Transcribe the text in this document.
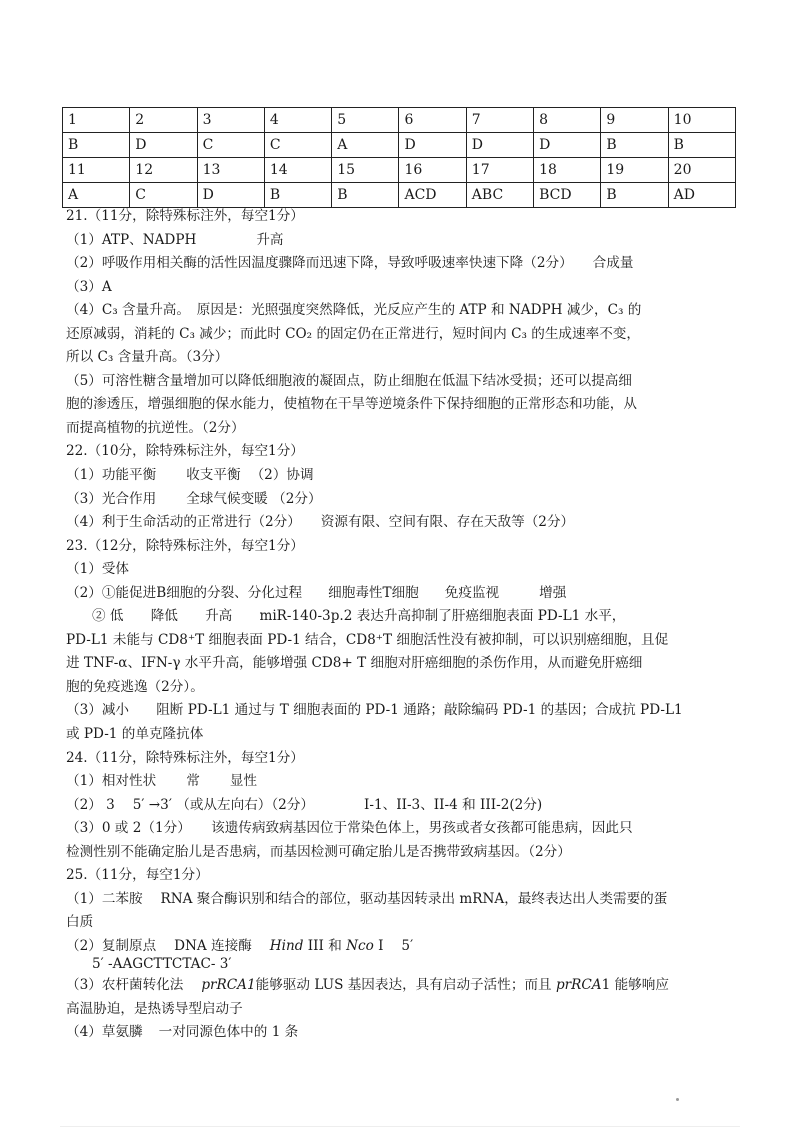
1	2	3	4	5	6	7	8	9	10
B	D	C	C	A	D	D	D	B	B
11	12	13	14	15	16	17	18	19	20
A	C	D	B	B	ACD	ABC	BCD	B	AD
21.（11分，除特殊标注外，每空1分）
（1）ATP、NADPH	升高
（2）呼吸作用相关酶的活性因温度骤降而迅速下降，导致呼吸速率快速下降（2分） 合成量
（3）A
（4）C₃ 含量升高。　原因是：光照强度突然降低，光反应产生的 ATP 和 NADPH 减少，C₃ 的
还原减弱，消耗的 C₃ 减少；而此时 CO₂ 的固定仍在正常进行，短时间内 C₃ 的生成速率不变，
所以 C₃ 含量升高。（3分）
（5）可溶性糖含量增加可以降低细胞液的凝固点，防止细胞在低温下结冰受损；还可以提高细
胞的渗透压，增强细胞的保水能力，使植物在干旱等逆境条件下保持细胞的正常形态和功能，从
而提高植物的抗逆性。（2分）
22.（10分，除特殊标注外，每空1分）
（1）功能平衡 收支平衡 （2）协调
（3）光合作用 全球气候变暖 （2分）
（4）利于生命活动的正常进行（2分） 资源有限、空间有限、存在天敌等（2分）
23.（12分，除特殊标注外，每空1分）
（1）受体
（2）①能促进B细胞的分裂、分化过程 细胞毒性T细胞 免疫监视	增强
② 低　　降低　　升高　　miR-140-3p.2 表达升高抑制了肝癌细胞表面 PD-L1 水平，
PD-L1 未能与 CD8⁺T 细胞表面 PD-1 结合，CD8⁺T 细胞活性没有被抑制，可以识别癌细胞，且促
进 TNF-α、IFN-γ 水平升高，能够增强 CD8+ T 细胞对肝癌细胞的杀伤作用，从而避免肝癌细
胞的免疫逃逸（2分）。
（3）减小　　阻断 PD-L1 通过与 T 细胞表面的 PD-1 通路；敲除编码 PD-1 的基因；合成抗 PD-L1
或 PD-1 的单克隆抗体
24.（11分，除特殊标注外，每空1分）
（1）相对性状 常 显性
（2） 3　 5′ →3′ （或从左向右）（2分）	Ⅰ-1、II-3、II-4 和 III-2(2分)
（3）0 或 2（1分）　　该遗传病致病基因位于常染色体上，男孩或者女孩都可能患病，因此只
检测性别不能确定胎儿是否患病，而基因检测可确定胎儿是否携带致病基因。（2分）
25.（11分，每空1分）
（1）二苯胺　 RNA 聚合酶识别和结合的部位，驱动基因转录出 mRNA，最终表达出人类需要的蛋
白质
（2）复制原点　 DNA 连接酶　 Hind III 和 Nco I　 5′
5′ -AAGCTTCTAC- 3′
（3）农杆菌转化法　 prRCA1能够驱动 LUS 基因表达，具有启动子活性；而且 prRCA1 能够响应
高温胁迫，是热诱导型启动子
（4）草氨膦 一对同源色体中的 1 条
